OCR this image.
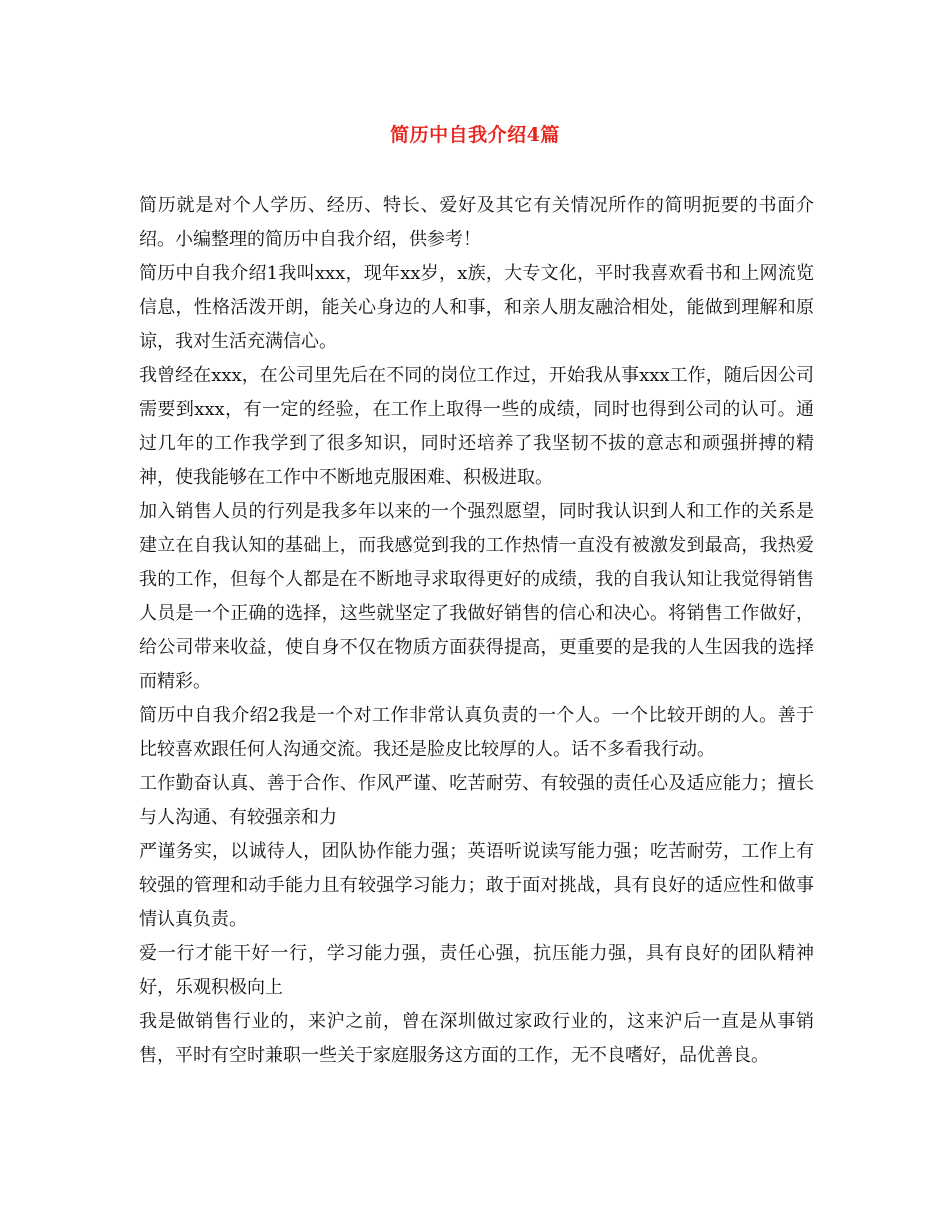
简历中自我介绍4篇

简历就是对个人学历、经历、特长、爱好及其它有关情况所作的简明扼要的书面介绍。小编整理的简历中自我介绍，供参考！

简历中自我介绍1我叫xxx，现年xx岁，x族，大专文化，平时我喜欢看书和上网流览信息，性格活泼开朗，能关心身边的人和事，和亲人朋友融洽相处，能做到理解和原谅，我对生活充满信心。

我曾经在xxx，在公司里先后在不同的岗位工作过，开始我从事xxx工作，随后因公司需要到xxx，有一定的经验，在工作上取得一些的成绩，同时也得到公司的认可。通过几年的工作我学到了很多知识，同时还培养了我坚韧不拔的意志和顽强拼搏的精神，使我能够在工作中不断地克服困难、积极进取。

加入销售人员的行列是我多年以来的一个强烈愿望，同时我认识到人和工作的关系是建立在自我认知的基础上，而我感觉到我的工作热情一直没有被激发到最高，我热爱我的工作，但每个人都是在不断地寻求取得更好的成绩，我的自我认知让我觉得销售人员是一个正确的选择，这些就坚定了我做好销售的信心和决心。将销售工作做好，给公司带来收益，使自身不仅在物质方面获得提高，更重要的是我的人生因我的选择而精彩。

简历中自我介绍2我是一个对工作非常认真负责的一个人。一个比较开朗的人。善于比较喜欢跟任何人沟通交流。我还是脸皮比较厚的人。话不多看我行动。

工作勤奋认真、善于合作、作风严谨、吃苦耐劳、有较强的责任心及适应能力；擅长与人沟通、有较强亲和力

严谨务实，以诚待人，团队协作能力强；英语听说读写能力强；吃苦耐劳，工作上有较强的管理和动手能力且有较强学习能力；敢于面对挑战，具有良好的适应性和做事情认真负责。

爱一行才能干好一行，学习能力强，责任心强，抗压能力强，具有良好的团队精神好，乐观积极向上

我是做销售行业的，来沪之前，曾在深圳做过家政行业的，这来沪后一直是从事销售，平时有空时兼职一些关于家庭服务这方面的工作，无不良嗜好，品优善良。
